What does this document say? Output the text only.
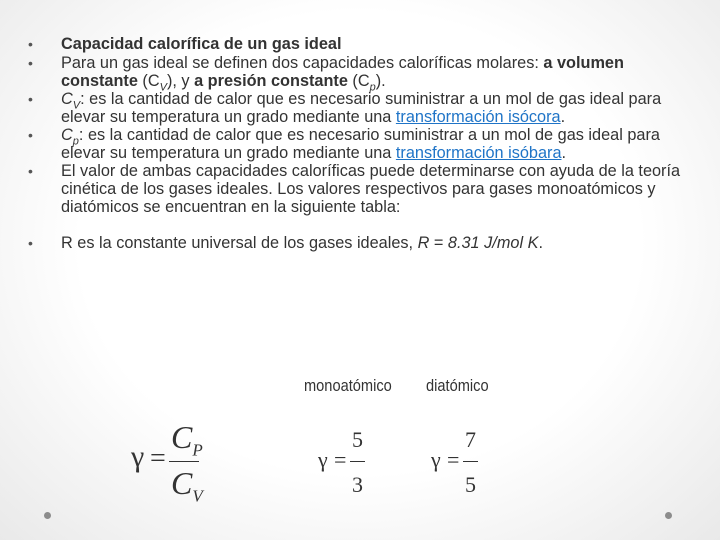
• Capacidad calorífica de un gas ideal
• Para un gas ideal se definen dos capacidades caloríficas molares: a volumen constante $(C_V)$, y a presión constante $(C_p)$.
• $C_V$: es la cantidad de calor que es necesario suministrar a un mol de gas ideal para elevar su temperatura un grado mediante una transformación isócora.
• $C_p$: es la cantidad de calor que es necesario suministrar a un mol de gas ideal para elevar su temperatura un grado mediante una transformación isóbara.
• El valor de ambas capacidades caloríficas puede determinarse con ayuda de la teoría cinética de los gases ideales. Los valores respectivos para gases monoatómicos y diatómicos se encuentran en la siguiente tabla:
• R es la constante universal de los gases ideales, R = 8.31 J/mol K.
monoatómico diatómico
γ =
$C_P$
$C_V$
γ =
5
3
γ =
7
5
